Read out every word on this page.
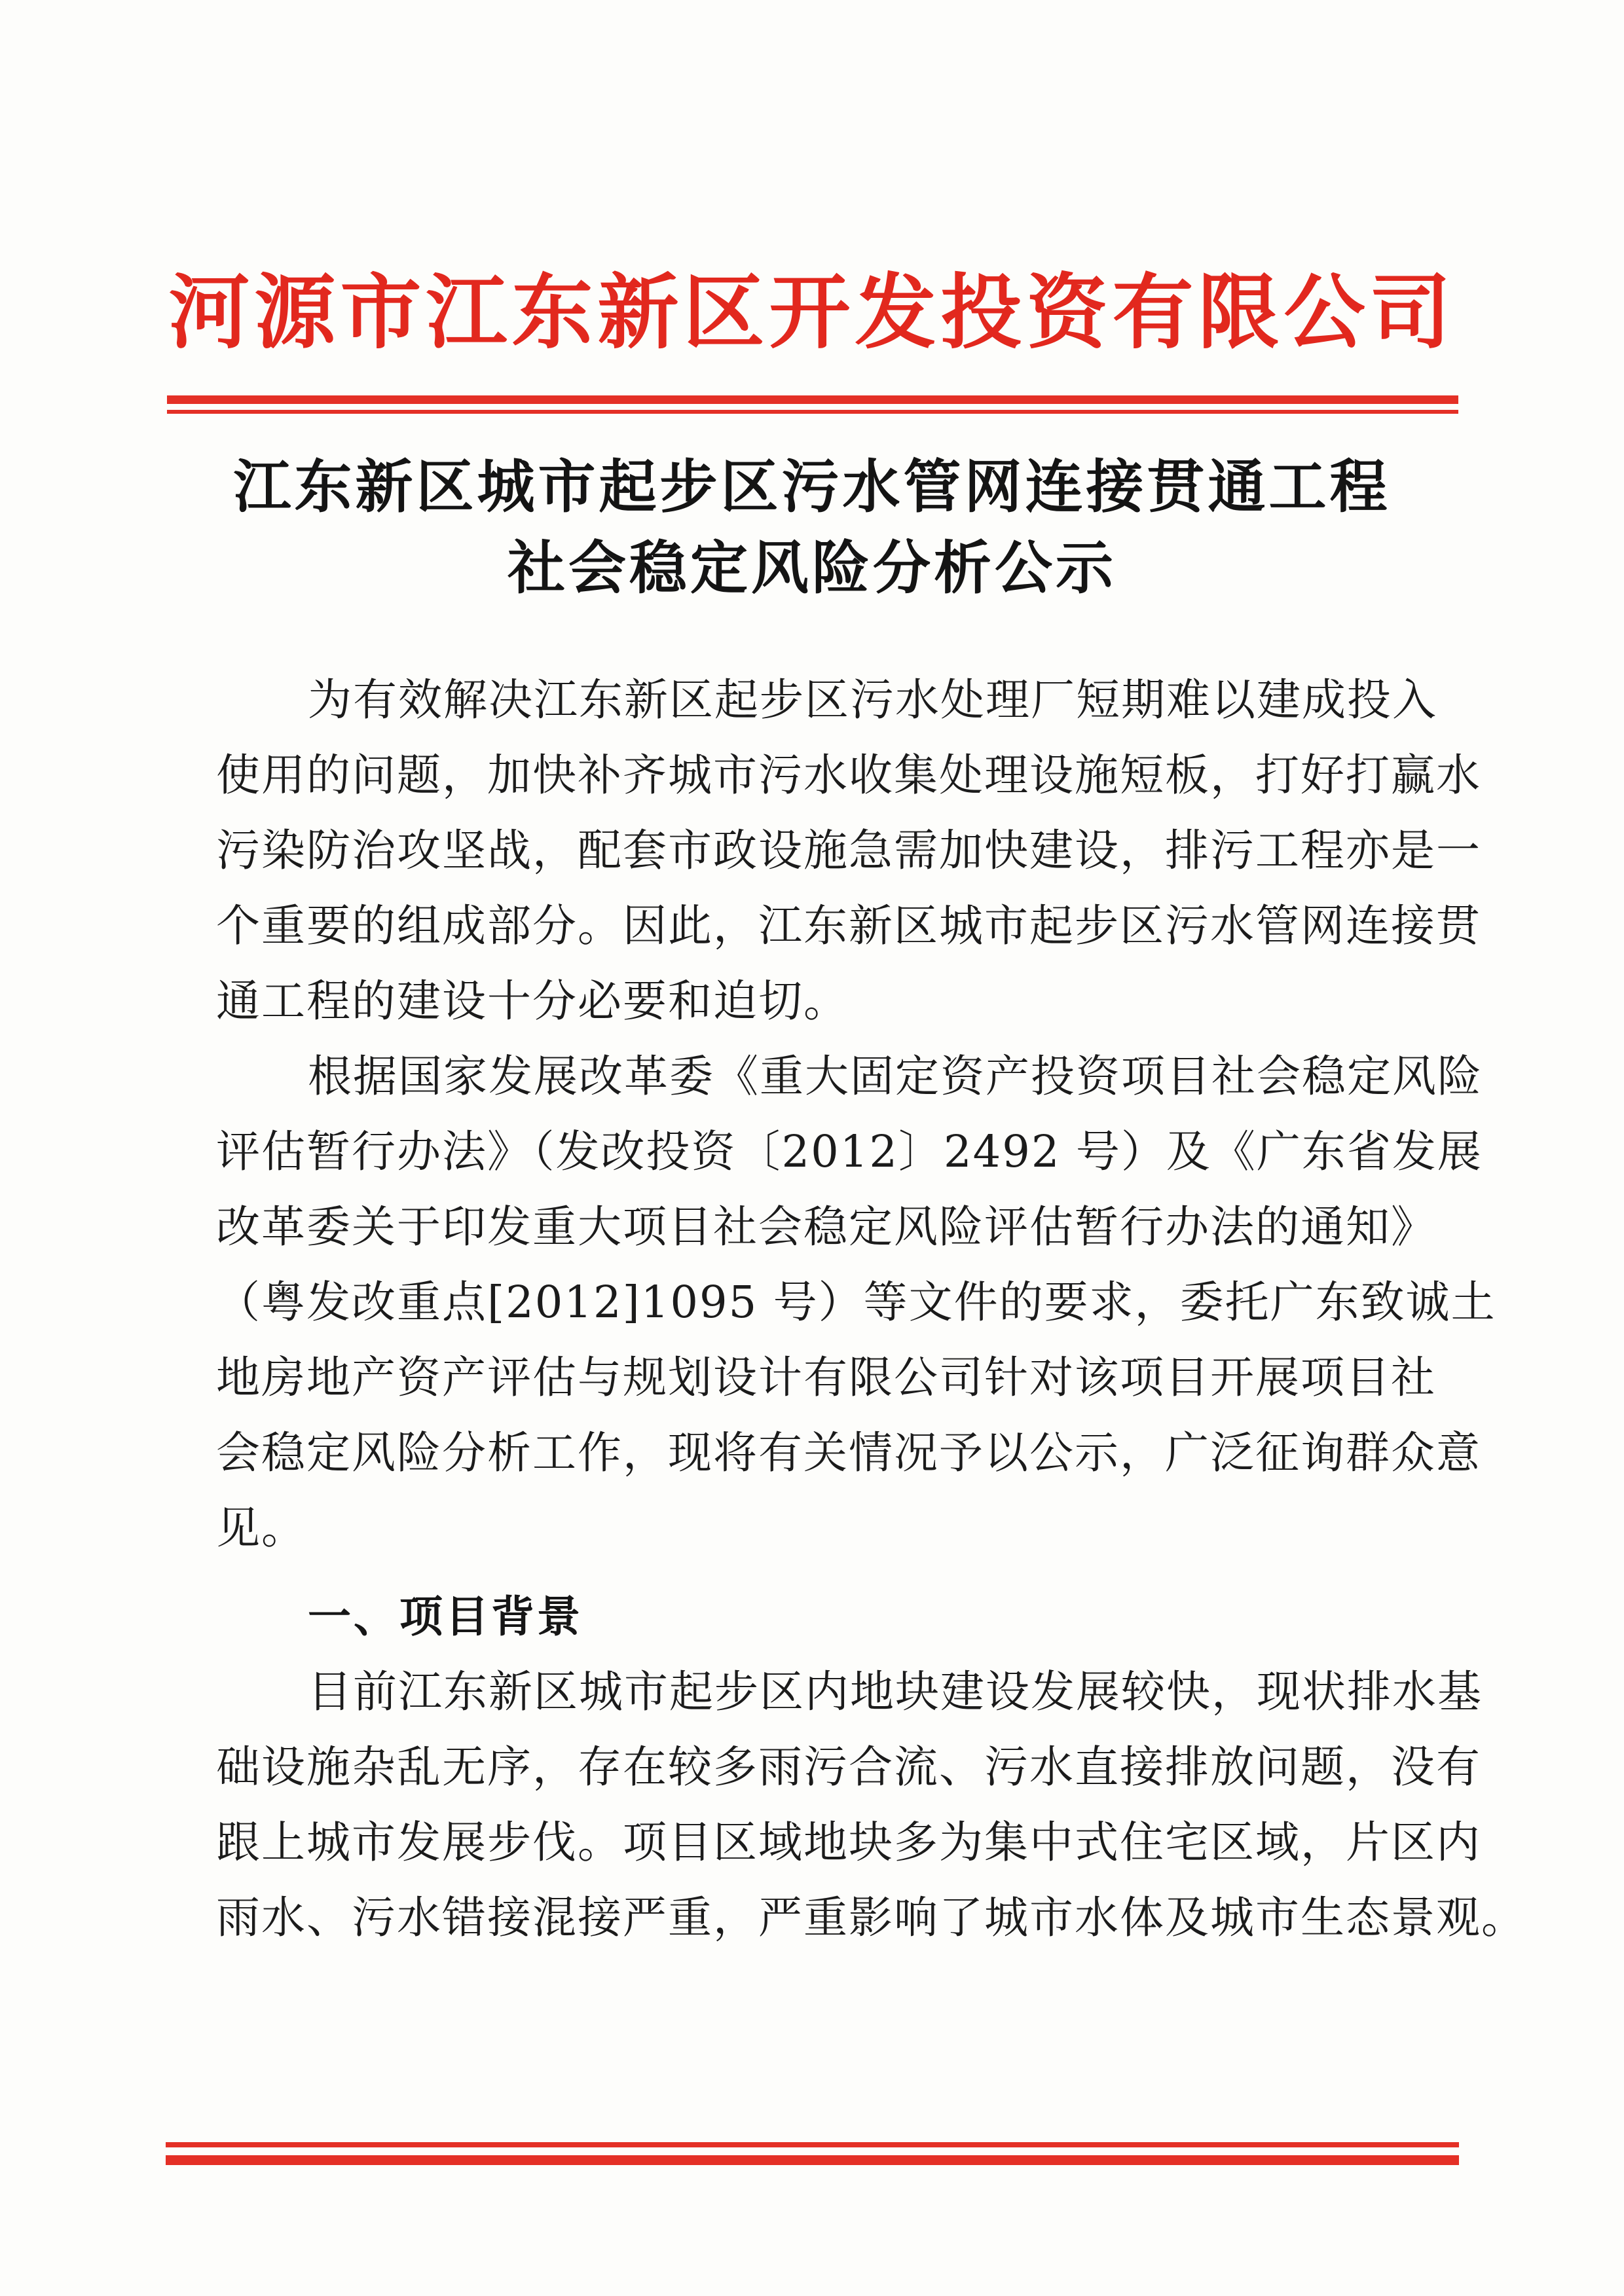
河源市江东新区开发投资有限公司
江东新区城市起步区污水管网连接贯通工程
社会稳定风险分析公示
为有效解决江东新区起步区污水处理厂短期难以建成投入
使用的问题，加快补齐城市污水收集处理设施短板，打好打赢水
污染防治攻坚战，配套市政设施急需加快建设，排污工程亦是一
个重要的组成部分。因此，江东新区城市起步区污水管网连接贯
通工程的建设十分必要和迫切。
根据国家发展改革委《重大固定资产投资项目社会稳定风险
评估暂行办法》（发改投资〔2012〕2492 号）及《广东省发展
改革委关于印发重大项目社会稳定风险评估暂行办法的通知》
（粤发改重点[2012]1095 号）等文件的要求，委托广东致诚土
地房地产资产评估与规划设计有限公司针对该项目开展项目社
会稳定风险分析工作，现将有关情况予以公示，广泛征询群众意
见。
一、项目背景
目前江东新区城市起步区内地块建设发展较快，现状排水基
础设施杂乱无序，存在较多雨污合流、污水直接排放问题，没有
跟上城市发展步伐。项目区域地块多为集中式住宅区域，片区内
雨水、污水错接混接严重，严重影响了城市水体及城市生态景观。
